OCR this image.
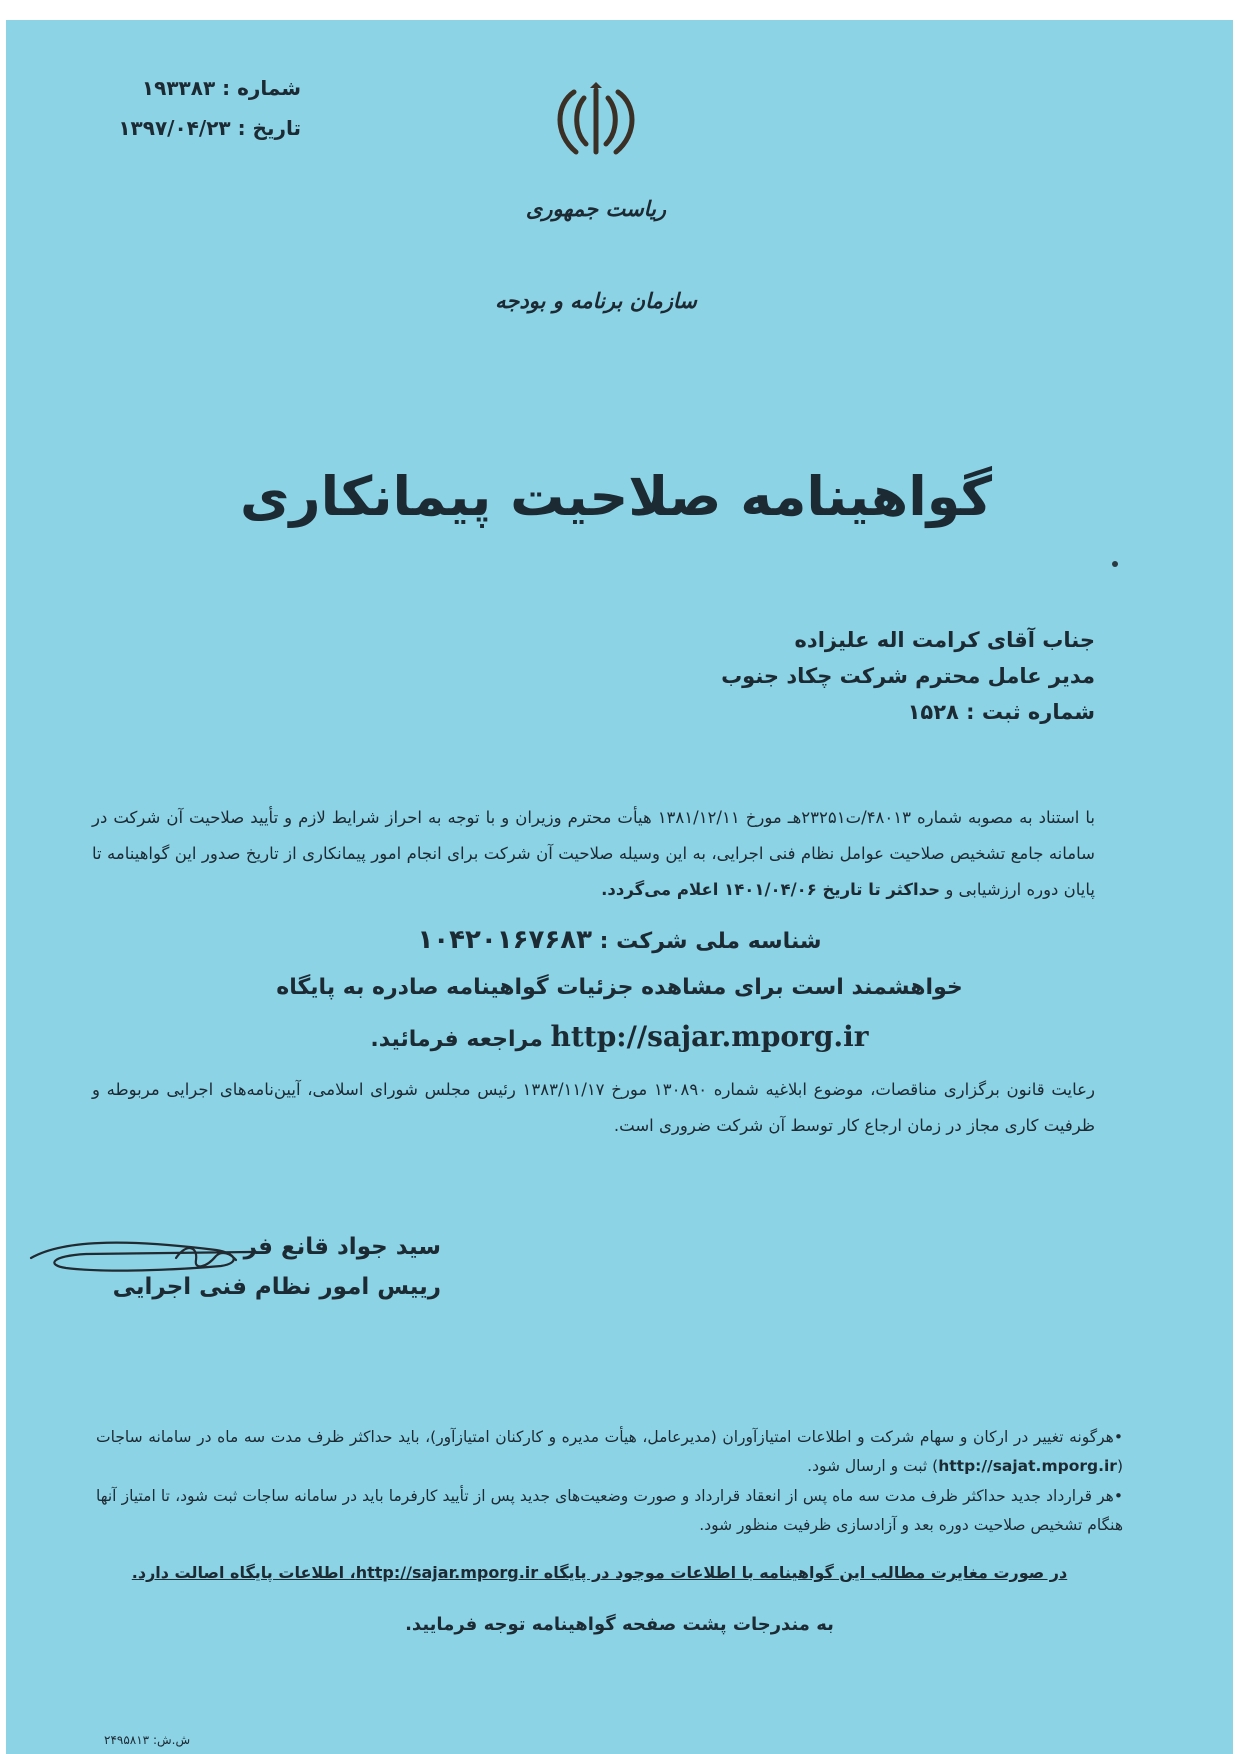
شماره : ۱۹۳۳۸۳
تاریخ : ۱۳۹۷/۰۴/۲۳
ریاست جمهوری
سازمان برنامه و بودجه
گواهینامه صلاحیت پیمانکاری
جناب آقای کرامت اله علیزاده
مدیر عامل محترم شرکت چکاد جنوب
شماره ثبت : ۱۵۲۸
با استناد به مصوبه شماره ۴۸۰۱۳/ت۲۳۲۵۱هـ مورخ ۱۳۸۱/۱۲/۱۱ هیأت محترم وزیران و با توجه به احراز شرایط لازم و تأیید صلاحیت آن شرکت در سامانه جامع تشخیص صلاحیت عوامل نظام فنی اجرایی، به این وسیله صلاحیت آن شرکت برای انجام امور پیمانکاری از تاریخ صدور این گواهینامه تا پایان دوره ارزشیابی و حداکثر تا تاریخ ۱۴۰۱/۰۴/۰۶ اعلام می‌گردد.
شناسه ملی شرکت : ۱۰۴۲۰۱۶۷۶۸۳
خواهشمند است برای مشاهده جزئیات گواهینامه صادره به پایگاه
http://sajar.mporg.ir مراجعه فرمائید.
رعایت قانون برگزاری مناقصات، موضوع ابلاغیه شماره ۱۳۰۸۹۰ مورخ ۱۳۸۳/۱۱/۱۷ رئیس مجلس شورای اسلامی، آیین‌نامه‌های اجرایی مربوطه و ظرفیت کاری مجاز در زمان ارجاع کار توسط آن شرکت ضروری است.
سید جواد قانع فر
رییس امور نظام فنی اجرایی
•هرگونه تغییر در ارکان و سهام شرکت و اطلاعات امتیازآوران (مدیرعامل، هیأت مدیره و کارکنان امتیازآور)، باید حداکثر ظرف مدت سه ماه در سامانه ساجات (http://sajat.mporg.ir) ثبت و ارسال شود.
•هر قرارداد جدید حداکثر ظرف مدت سه ماه پس از انعقاد قرارداد و صورت وضعیت‌های جدید پس از تأیید کارفرما باید در سامانه ساجات ثبت شود، تا امتیاز آنها هنگام تشخیص صلاحیت دوره بعد و آزادسازی ظرفیت منظور شود.
در صورت مغایرت مطالب این گواهینامه با اطلاعات موجود در پایگاه http://sajar.mporg.ir، اطلاعات پایگاه اصالت دارد.
به مندرجات پشت صفحه گواهینامه توجه فرمایید.
ش.ش: ۲۴۹۵۸۱۳
